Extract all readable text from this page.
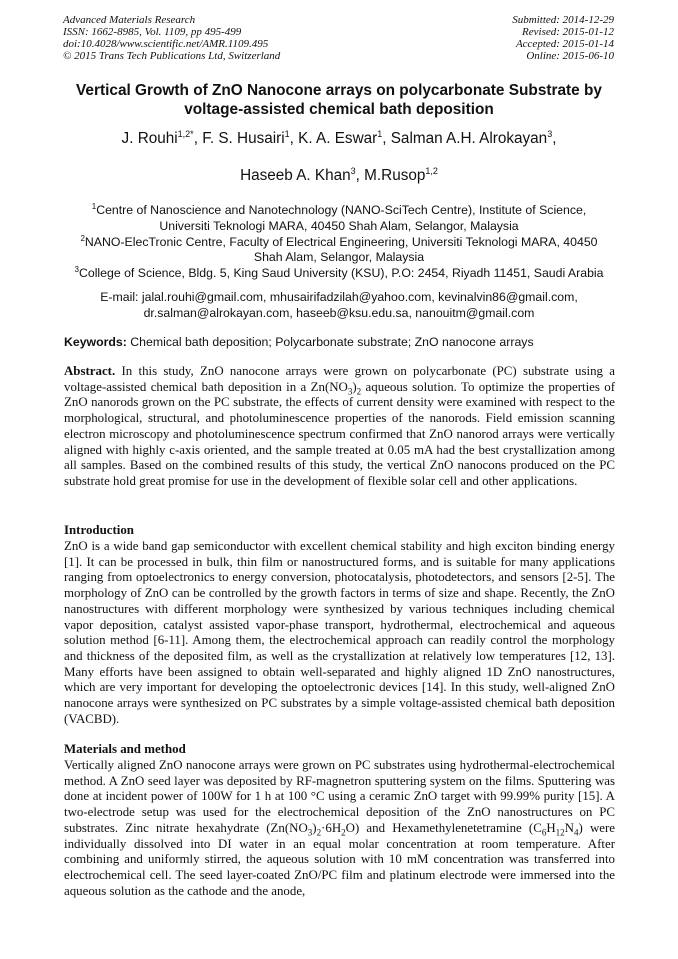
Advanced Materials Research
ISSN: 1662-8985, Vol. 1109, pp 495-499
doi:10.4028/www.scientific.net/AMR.1109.495
© 2015 Trans Tech Publications Ltd, Switzerland
Submitted: 2014-12-29
Revised: 2015-01-12
Accepted: 2015-01-14
Online: 2015-06-10
Vertical Growth of ZnO Nanocone arrays on polycarbonate Substrate by
voltage-assisted chemical bath deposition
J. Rouhi$^{1,2*}$, F. S. Husairi$^1$, K. A. Eswar$^1$, Salman A.H. Alrokayan$^3$,
Haseeb A. Khan$^3$, M.Rusop$^{1,2}$
$^1$Centre of Nanoscience and Nanotechnology (NANO-SciTech Centre), Institute of Science,
Universiti Teknologi MARA, 40450 Shah Alam, Selangor, Malaysia
$^2$NANO-ElecTronic Centre, Faculty of Electrical Engineering, Universiti Teknologi MARA, 40450
Shah Alam, Selangor, Malaysia
$^3$College of Science, Bldg. 5, King Saud University (KSU), P.O: 2454, Riyadh 11451, Saudi Arabia
E-mail: jalal.rouhi@gmail.com, mhusairifadzilah@yahoo.com, kevinalvin86@gmail.com,
dr.salman@alrokayan.com, haseeb@ksu.edu.sa, nanouitm@gmail.com
Keywords: Chemical bath deposition; Polycarbonate substrate; ZnO nanocone arrays
Abstract. In this study, ZnO nanocone arrays were grown on polycarbonate (PC) substrate using a voltage-assisted chemical bath deposition in a $Zn(NO_3)_2$ aqueous solution. To optimize the properties of ZnO nanorods grown on the PC substrate, the effects of current density were examined with respect to the morphological, structural, and photoluminescence properties of the nanorods. Field emission scanning electron microscopy and photoluminescence spectrum confirmed that ZnO nanorod arrays were vertically aligned with highly c-axis oriented, and the sample treated at 0.05 mA had the best crystallization among all samples. Based on the combined results of this study, the vertical ZnO nanocons produced on the PC substrate hold great promise for use in the development of flexible solar cell and other applications.
Introduction
ZnO is a wide band gap semiconductor with excellent chemical stability and high exciton binding energy [1]. It can be processed in bulk, thin film or nanostructured forms, and is suitable for many applications ranging from optoelectronics to energy conversion, photocatalysis, photodetectors, and sensors [2-5]. The morphology of ZnO can be controlled by the growth factors in terms of size and shape. Recently, the ZnO nanostructures with different morphology were synthesized by various techniques including chemical vapor deposition, catalyst assisted vapor-phase transport, hydrothermal, electrochemical and aqueous solution method [6-11]. Among them, the electrochemical approach can readily control the morphology and thickness of the deposited film, as well as the crystallization at relatively low temperatures [12, 13]. Many efforts have been assigned to obtain well-separated and highly aligned 1D ZnO nanostructures, which are very important for developing the optoelectronic devices [14]. In this study, well-aligned ZnO nanocone arrays were synthesized on PC substrates by a simple voltage-assisted chemical bath deposition (VACBD).
Materials and method
Vertically aligned ZnO nanocone arrays were grown on PC substrates using hydrothermal-electrochemical method. A ZnO seed layer was deposited by RF-magnetron sputtering system on the films. Sputtering was done at incident power of 100W for 1 h at 100 °C using a ceramic ZnO target with 99.99% purity [15]. A two-electrode setup was used for the electrochemical deposition of the ZnO nanostructures on PC substrates. Zinc nitrate hexahydrate $(Zn(NO_3)_2\cdot 6H_2O)$ and Hexamethylenetetramine $(C_6H_{12}N_4)$ were individually dissolved into DI water in an equal molar concentration at room temperature. After combining and uniformly stirred, the aqueous solution with 10 mM concentration was transferred into electrochemical cell. The seed layer-coated ZnO/PC film and platinum electrode were immersed into the aqueous solution as the cathode and the anode,
